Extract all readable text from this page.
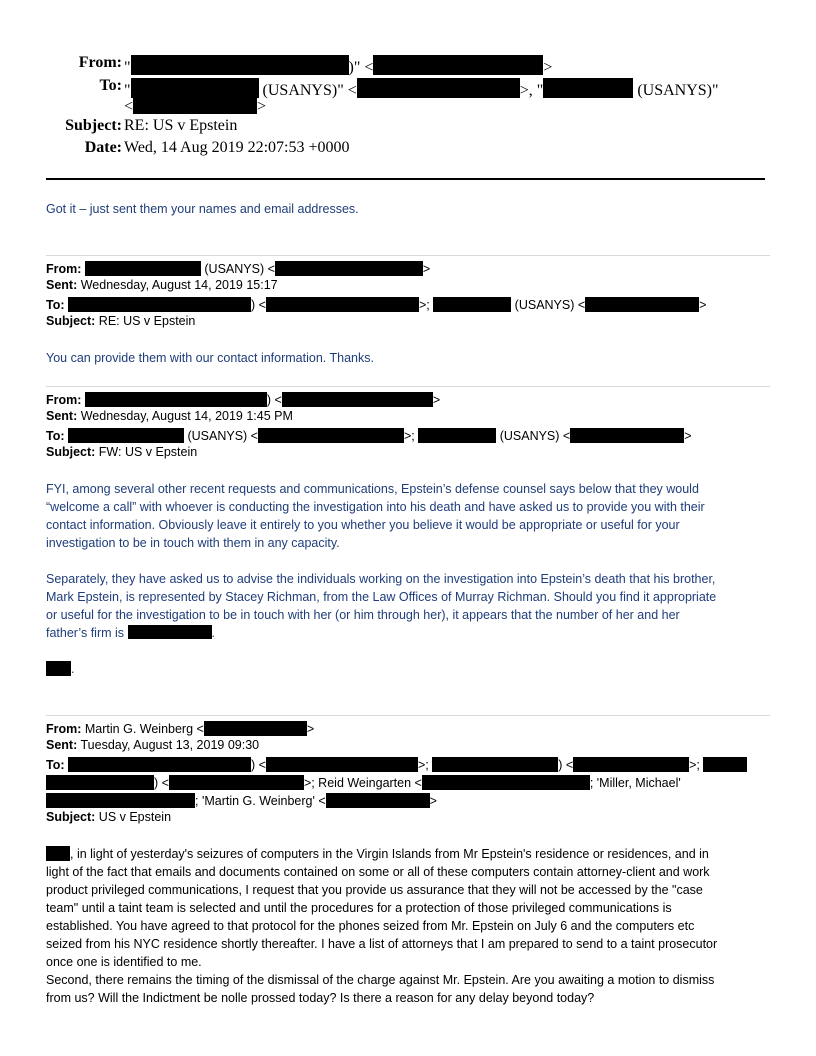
From: "	)" <	>
To: "	(USANYS)" <	>, "	(USANYS)"
<	>
Subject: RE: US v Epstein
Date: Wed, 14 Aug 2019 22:07:53 +0000
Got it – just sent them your names and email addresses.
From:	(USANYS) <	>
Sent: Wednesday, August 14, 2019 15:17
To:	) <	>;	(USANYS) <	>
Subject: RE: US v Epstein
You can provide them with our contact information. Thanks.
From:	) <	>
Sent: Wednesday, August 14, 2019 1:45 PM
To:	(USANYS) <	>;	(USANYS) <	>
Subject: FW: US v Epstein
FYI, among several other recent requests and communications, Epstein’s defense counsel says below that they would
“welcome a call” with whoever is conducting the investigation into his death and have asked us to provide you with their
contact information. Obviously leave it entirely to you whether you believe it would be appropriate or useful for your
investigation to be in touch with them in any capacity.
Separately, they have asked us to advise the individuals working on the investigation into Epstein’s death that his brother,
Mark Epstein, is represented by Stacey Richman, from the Law Offices of Murray Richman. Should you find it appropriate
or useful for the investigation to be in touch with her (or him through her), it appears that the number of her and her
father’s firm is	.
.
From: Martin G. Weinberg <	>
Sent: Tuesday, August 13, 2019 09:30
To:	) <	>;	) <	>;
) <	>; Reid Weingarten <	; 'Miller, Michael'
; 'Martin G. Weinberg' <	>
Subject: US v Epstein
, in light of yesterday's seizures of computers in the Virgin Islands from Mr Epstein's residence or residences, and in
light of the fact that emails and documents contained on some or all of these computers contain attorney-client and work
product privileged communications, I request that you provide us assurance that they will not be accessed by the "case
team" until a taint team is selected and until the procedures for a protection of those privileged communications is
established. You have agreed to that protocol for the phones seized from Mr. Epstein on July 6 and the computers etc
seized from his NYC residence shortly thereafter. I have a list of attorneys that I am prepared to send to a taint prosecutor
once one is identified to me.
Second, there remains the timing of the dismissal of the charge against Mr. Epstein. Are you awaiting a motion to dismiss
from us? Will the Indictment be nolle prossed today? Is there a reason for any delay beyond today?
